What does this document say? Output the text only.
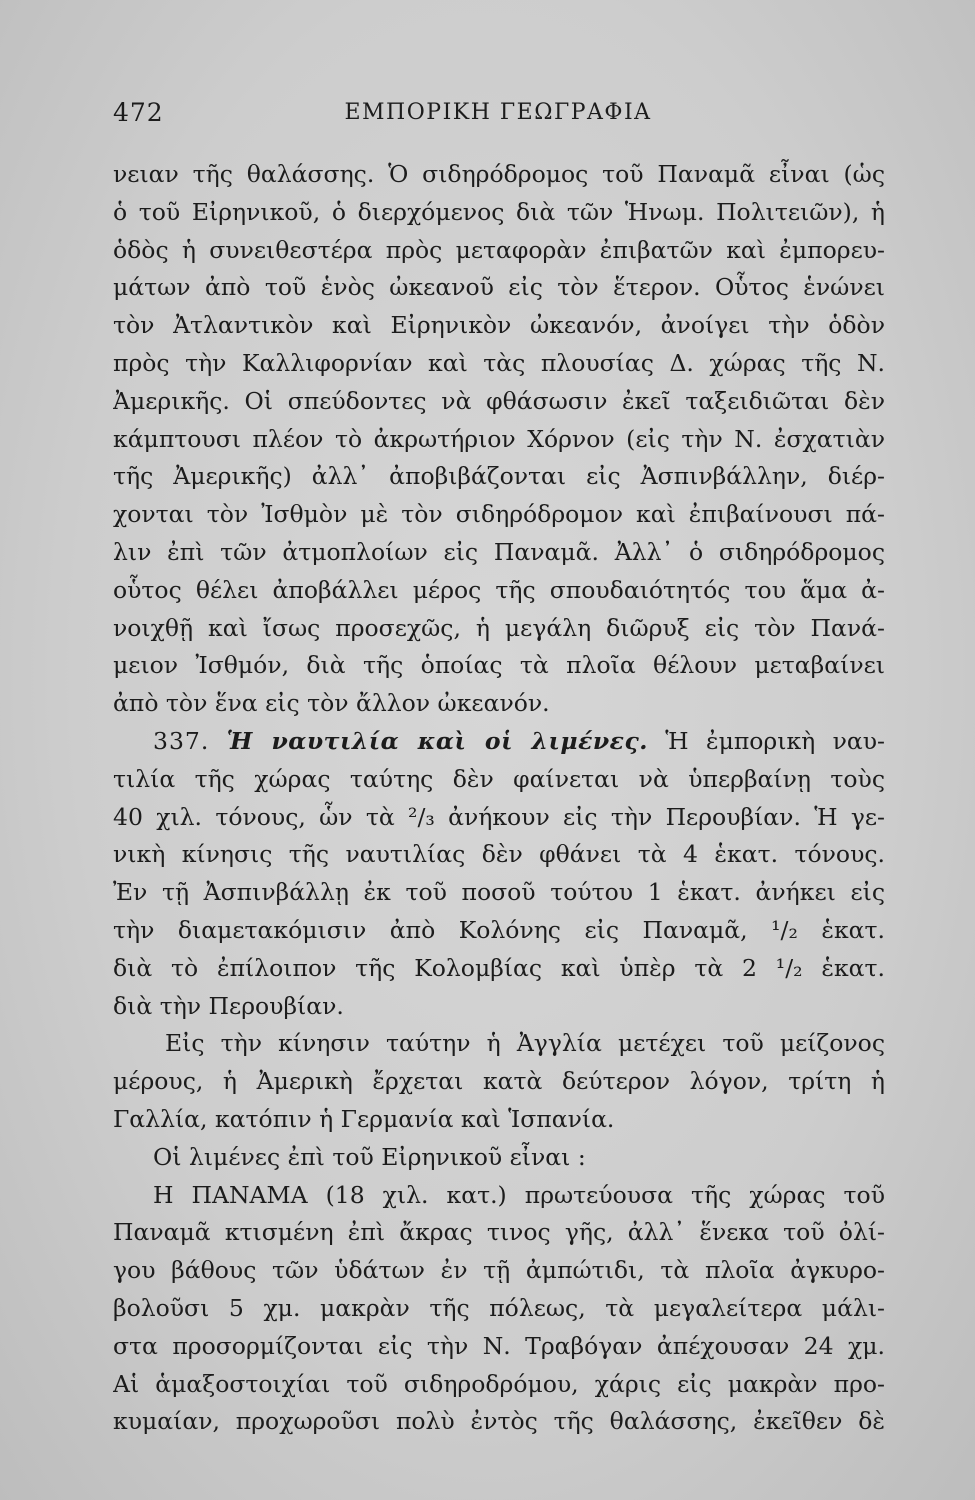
472	ΕΜΠΟΡΙΚΗ ΓΕΩΓΡΑΦΙΑ
νειαν τῆς θαλάσσης. Ὁ σιδηρόδρομος τοῦ Παναμᾶ εἶναι (ὡς
ὁ τοῦ Εἰρηνικοῦ, ὁ διερχόμενος διὰ τῶν Ἡνωμ. Πολιτειῶν), ἡ
ὁδὸς ἡ συνειθεστέρα πρὸς μεταφορὰν ἐπιβατῶν καὶ ἐμπορευ-
μάτων ἀπὸ τοῦ ἑνὸς ὠκεανοῦ εἰς τὸν ἕτερον. Οὗτος ἑνώνει
τὸν Ἀτλαντικὸν καὶ Εἰρηνικὸν ὠκεανόν, ἀνοίγει τὴν ὁδὸν
πρὸς τὴν Καλλιφορνίαν καὶ τὰς πλουσίας Δ. χώρας τῆς Ν.
Ἀμερικῆς. Οἱ σπεύδοντες νὰ φθάσωσιν ἐκεῖ ταξειδιῶται δὲν
κάμπτουσι πλέον τὸ ἀκρωτήριον Χόρνον (εἰς τὴν Ν. ἐσχατιὰν
τῆς Ἀμερικῆς) ἀλλ᾽ ἀποβιβάζονται εἰς Ἀσπινβάλλην, διέρ-
χονται τὸν Ἰσθμὸν μὲ τὸν σιδηρόδρομον καὶ ἐπιβαίνουσι πά-
λιν ἐπὶ τῶν ἀτμοπλοίων εἰς Παναμᾶ. Ἀλλ᾽ ὁ σιδηρόδρομος
οὗτος θέλει ἀποβάλλει μέρος τῆς σπουδαιότητός του ἅμα ἀ-
νοιχθῇ καὶ ἴσως προσεχῶς, ἡ μεγάλη διῶρυξ εἰς τὸν Πανά-
μειον Ἰσθμόν, διὰ τῆς ὁποίας τὰ πλοῖα θέλουν μεταβαίνει
ἀπὸ τὸν ἕνα εἰς τὸν ἄλλον ὠκεανόν.
337. Ἡ ναυτιλία καὶ οἱ λιμένες. Ἡ ἐμπορικὴ ναυ-
τιλία τῆς χώρας ταύτης δὲν φαίνεται νὰ ὑπερβαίνῃ τοὺς
40 χιλ. τόνους, ὧν τὰ ²/₃ ἀνήκουν εἰς τὴν Περουβίαν. Ἡ γε-
νικὴ κίνησις τῆς ναυτιλίας δὲν φθάνει τὰ 4 ἑκατ. τόνους.
Ἐν τῇ Ἀσπινβάλλῃ ἐκ τοῦ ποσοῦ τούτου 1 ἑκατ. ἀνήκει εἰς
τὴν διαμετακόμισιν ἀπὸ Κολόνης εἰς Παναμᾶ, ¹/₂ ἑκατ.
διὰ τὸ ἐπίλοιπον τῆς Κολομβίας καὶ ὑπὲρ τὰ 2 ¹/₂ ἑκατ.
διὰ τὴν Περουβίαν.
Εἰς τὴν κίνησιν ταύτην ἡ Ἀγγλία μετέχει τοῦ μείζονος
μέρους, ἡ Ἀμερικὴ ἔρχεται κατὰ δεύτερον λόγον, τρίτη ἡ
Γαλλία, κατόπιν ἡ Γερμανία καὶ Ἱσπανία.
Οἱ λιμένες ἐπὶ τοῦ Εἰρηνικοῦ εἶναι :
Η ΠΑΝΑΜΑ (18 χιλ. κατ.) πρωτεύουσα τῆς χώρας τοῦ
Παναμᾶ κτισμένη ἐπὶ ἄκρας τινος γῆς, ἀλλ᾽ ἕνεκα τοῦ ὀλί-
γου βάθους τῶν ὑδάτων ἐν τῇ ἀμπώτιδι, τὰ πλοῖα ἀγκυρο-
βολοῦσι 5 χμ. μακρὰν τῆς πόλεως, τὰ μεγαλείτερα μάλι-
στα προσορμίζονται εἰς τὴν Ν. Τραβόγαν ἀπέχουσαν 24 χμ.
Αἱ ἁμαξοστοιχίαι τοῦ σιδηροδρόμου, χάρις εἰς μακρὰν προ-
κυμαίαν, προχωροῦσι πολὺ ἐντὸς τῆς θαλάσσης, ἐκεῖθεν δὲ
